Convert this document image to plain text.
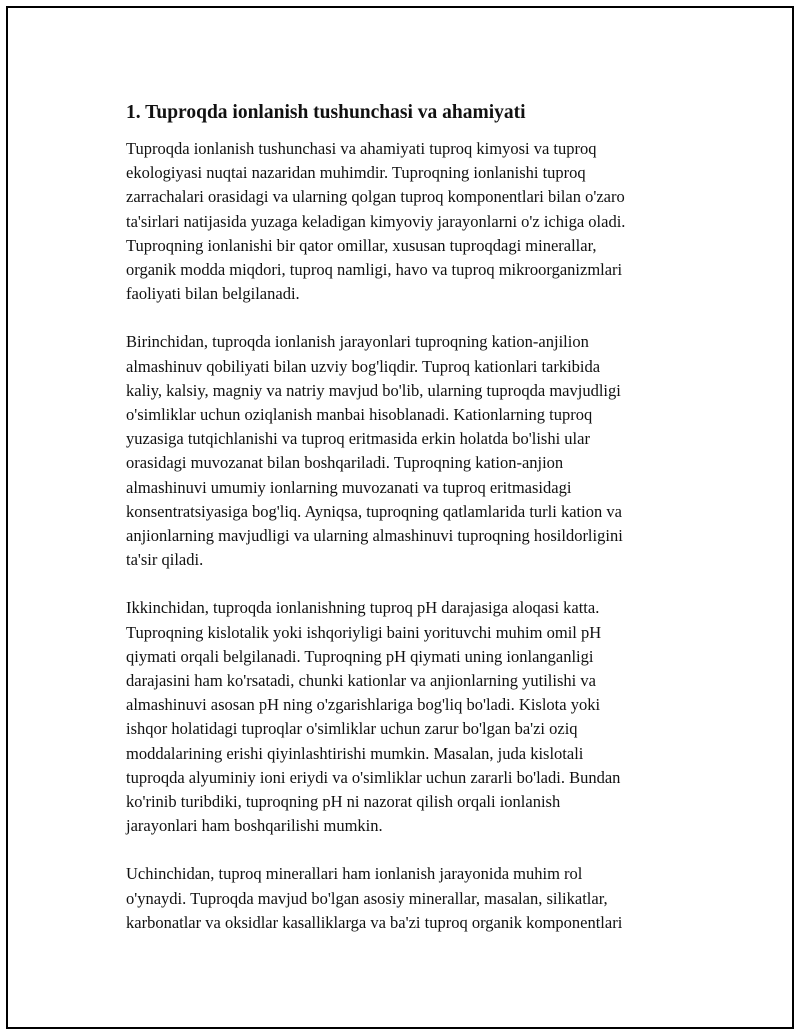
1. Tuproqda ionlanish tushunchasi va ahamiyati

Tuproqda ionlanish tushunchasi va ahamiyati tuproq kimyosi va tuproq
ekologiyasi nuqtai nazaridan muhimdir. Tuproqning ionlanishi tuproq
zarrachalari orasidagi va ularning qolgan tuproq komponentlari bilan o'zaro
ta'sirlari natijasida yuzaga keladigan kimyoviy jarayonlarni o'z ichiga oladi.
Tuproqning ionlanishi bir qator omillar, xususan tuproqdagi minerallar,
organik modda miqdori, tuproq namligi, havo va tuproq mikroorganizmlari
faoliyati bilan belgilanadi.

Birinchidan, tuproqda ionlanish jarayonlari tuproqning kation-anjilion
almashinuv qobiliyati bilan uzviy bog'liqdir. Tuproq kationlari tarkibida
kaliy, kalsiy, magniy va natriy mavjud bo'lib, ularning tuproqda mavjudligi
o'simliklar uchun oziqlanish manbai hisoblanadi. Kationlarning tuproq
yuzasiga tutqichlanishi va tuproq eritmasida erkin holatda bo'lishi ular
orasidagi muvozanat bilan boshqariladi. Tuproqning kation-anjion
almashinuvi umumiy ionlarning muvozanati va tuproq eritmasidagi
konsentratsiyasiga bog'liq. Ayniqsa, tuproqning qatlamlarida turli kation va
anjionlarning mavjudligi va ularning almashinuvi tuproqning hosildorligini
ta'sir qiladi.

Ikkinchidan, tuproqda ionlanishning tuproq pH darajasiga aloqasi katta.
Tuproqning kislotalik yoki ishqoriyligi baini yorituvchi muhim omil pH
qiymati orqali belgilanadi. Tuproqning pH qiymati uning ionlanganligi
darajasini ham ko'rsatadi, chunki kationlar va anjionlarning yutilishi va
almashinuvi asosan pH ning o'zgarishlariga bog'liq bo'ladi. Kislota yoki
ishqor holatidagi tuproqlar o'simliklar uchun zarur bo'lgan ba'zi oziq
moddalarining erishi qiyinlashtirishi mumkin. Masalan, juda kislotali
tuproqda alyuminiy ioni eriydi va o'simliklar uchun zararli bo'ladi. Bundan
ko'rinib turibdiki, tuproqning pH ni nazorat qilish orqali ionlanish
jarayonlari ham boshqarilishi mumkin.

Uchinchidan, tuproq minerallari ham ionlanish jarayonida muhim rol
o'ynaydi. Tuproqda mavjud bo'lgan asosiy minerallar, masalan, silikatlar,
karbonatlar va oksidlar kasalliklarga va ba'zi tuproq organik komponentlari
